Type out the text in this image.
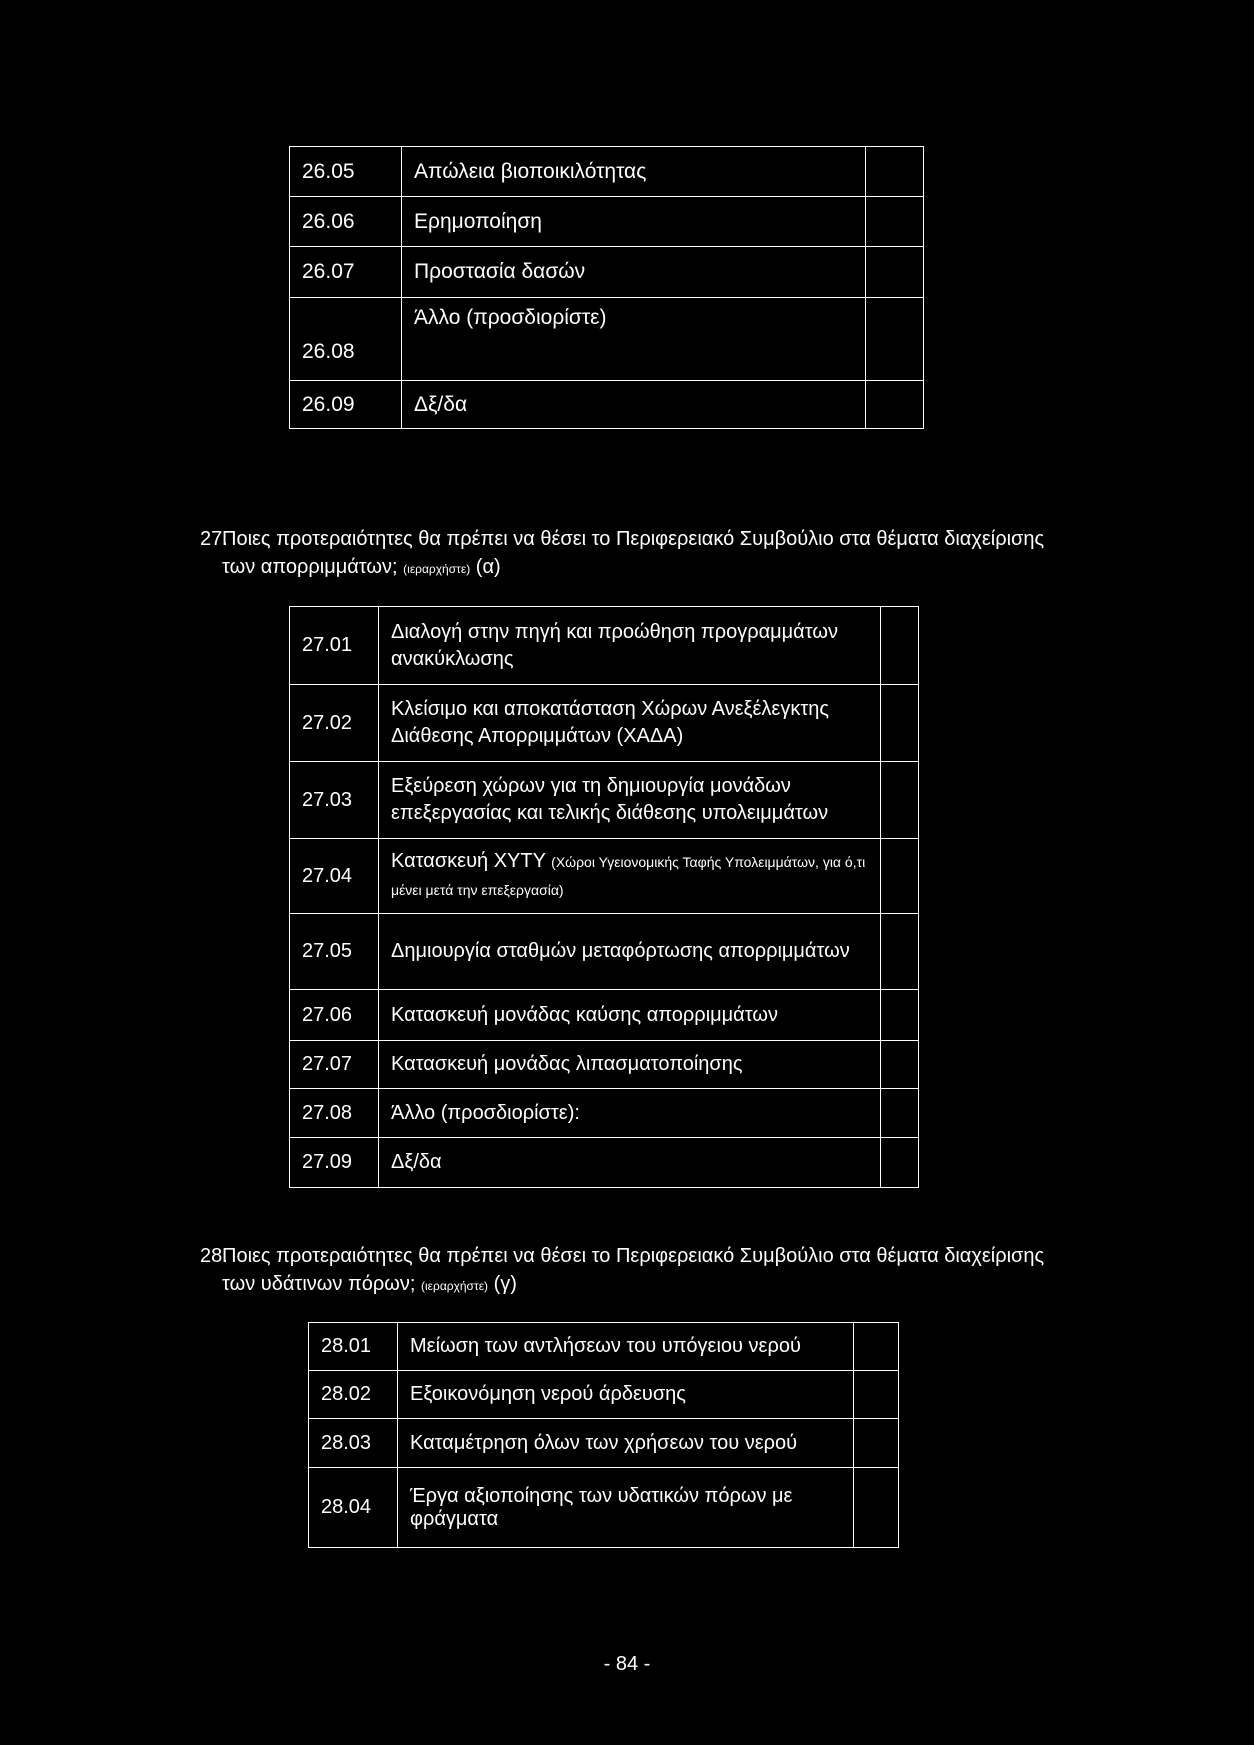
26.05	Απώλεια βιοποικιλότητας	
26.06	Ερημοποίηση	
26.07	Προστασία δασών	
26.08	Άλλο (προσδιορίστε)	
26.09	Δξ/δα	
27.
Ποιες προτεραιότητες θα πρέπει να θέσει το Περιφερειακό Συμβούλιο στα θέματα διαχείρισης των απορριμμάτων; (ιεραρχήστε) (α)
27.01	Διαλογή στην πηγή και προώθηση προγραμμάτων ανακύκλωσης	
27.02	Κλείσιμο και αποκατάσταση Χώρων Ανεξέλεγκτης Διάθεσης Απορριμμάτων (ΧΑΔΑ)	
27.03	Εξεύρεση χώρων για τη δημιουργία μονάδων επεξεργασίας και τελικής διάθεσης υπολειμμάτων	
27.04	Κατασκευή ΧΥΤΥ (Χώροι Υγειονομικής Ταφής Υπολειμμάτων, για ό,τι μένει μετά την επεξεργασία)	
27.05	Δημιουργία σταθμών μεταφόρτωσης απορριμμάτων	
27.06	Κατασκευή μονάδας καύσης απορριμμάτων	
27.07	Κατασκευή μονάδας λιπασματοποίησης	
27.08	Άλλο (προσδιορίστε):	
27.09	Δξ/δα	
28.
Ποιες προτεραιότητες θα πρέπει να θέσει το Περιφερειακό Συμβούλιο στα θέματα διαχείρισης των υδάτινων πόρων; (ιεραρχήστε) (γ)
28.01	Μείωση των αντλήσεων του υπόγειου νερού	
28.02	Εξοικονόμηση νερού άρδευσης	
28.03	Καταμέτρηση όλων των χρήσεων του νερού	
28.04	Έργα αξιοποίησης των υδατικών πόρων με φράγματα	
- 84 -
